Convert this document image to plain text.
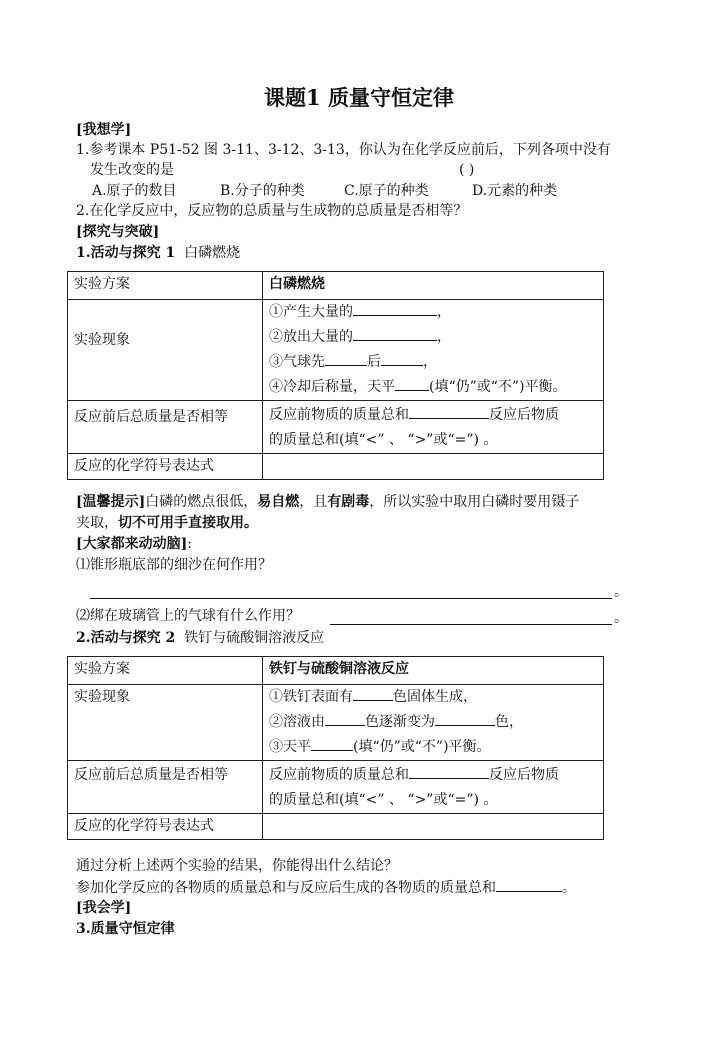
课题1 质量守恒定律
[我想学]
1.参考课本 P51-52 图 3-11、3-12、3-13，你认为在化学反应前后，下列各项中没有
发生改变的是	( )
A.原子的数目	B.分子的种类	C.原子的种类	D.元素的种类
2.在化学反应中，反应物的总质量与生成物的总质量是否相等？
[探究与突破]
1.活动与探究 1 白磷燃烧
实验方案	白磷燃烧
实验现象	①产生大量的 ，
②放出大量的 ，
③气球先 后 ，
④冷却后称量，天平 (填“仍”或“不”)平衡。

反应前后总质量是否相等	反应前物质的质量总和 反应后物质
的质量总和(填“<” 、 “>”或“=”) 。

反应的化学符号表达式	
[温馨提示]白磷的燃点很低，易自燃，且有剧毒，所以实验中取用白磷时要用镊子
夹取，切不可用手直接取用。
[大家都来动动脑]:
⑴锥形瓶底部的细沙在何作用？
。
⑵绑在玻璃管上的气球有什么作用？	。
2.活动与探究 2 铁钉与硫酸铜溶液反应
实验方案	铁钉与硫酸铜溶液反应
实验现象	①铁钉表面有 色固体生成，
②溶液由 色逐渐变为 色，
③天平 (填“仍”或“不”)平衡。

反应前后总质量是否相等	反应前物质的质量总和 反应后物质
的质量总和(填“<” 、 “>”或“=”) 。

反应的化学符号表达式	
通过分析上述两个实验的结果，你能得出什么结论？
参加化学反应的各物质的质量总和与反应后生成的各物质的质量总和	。
[我会学]
3.质量守恒定律
